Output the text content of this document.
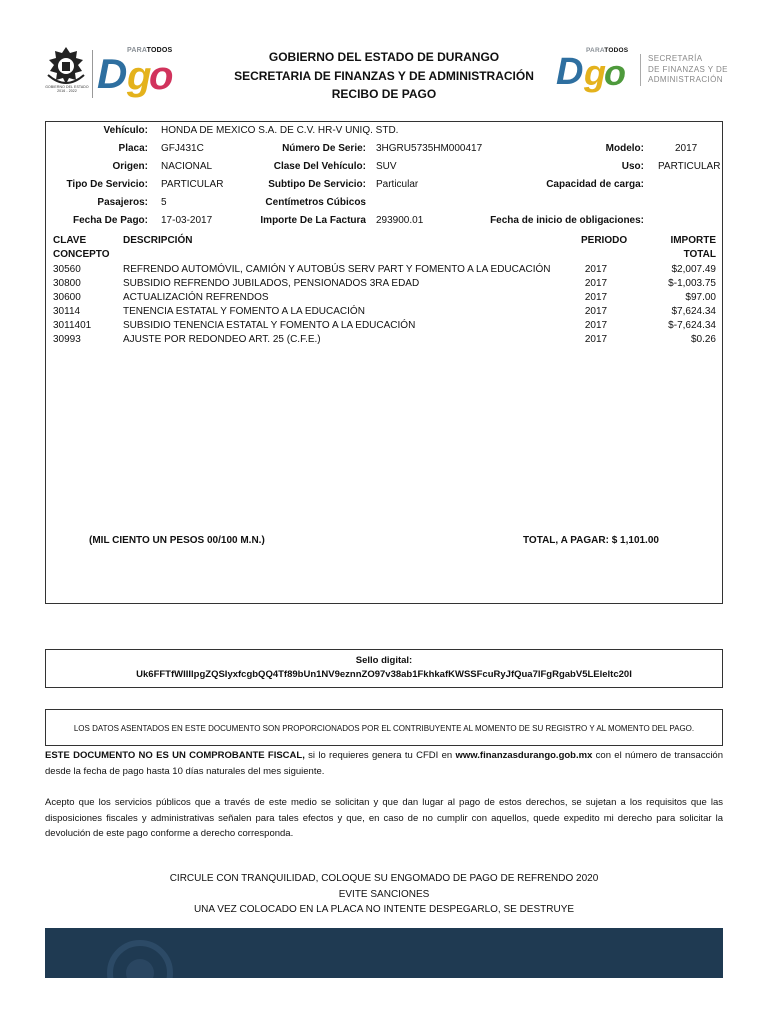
GOBIERNO DEL ESTADO
2016 - 2022
PARATODOS
D g
o	GOBIERNO DEL ESTADO DE DURANGO
SECRETARIA DE FINANZAS Y DE ADMINISTRACIÓN
RECIBO DE PAGO
PARATODOS
D g
o	SECRETARÍA
DE FINANZAS Y DE
ADMINISTRACIÓN
Vehículo: HONDA DE MEXICO S.A. DE C.V. HR-V UNIQ. STD.
Placa: GFJ431C	Número De Serie: 3HGRU5735HM000417	Modelo:	2017
Origen: NACIONAL	Clase Del Vehículo: SUV	Uso: PARTICULAR
Tipo De Servicio: PARTICULAR	Subtipo De Servicio: Particular	Capacidad de carga:
Pasajeros: 5	Centímetros Cúbicos
Fecha De Pago: 17-03-2017	Importe De La Factura 293900.01	Fecha de inicio de obligaciones:
CLAVE
CONCEPTO
DESCRIPCIÓN	PERIODO	IMPORTE
TOTAL
30560	REFRENDO AUTOMÓVIL, CAMIÓN Y AUTOBÚS SERV PART Y FOMENTO A LA EDUCACIÓN	2017	$2,007.49
30800	SUBSIDIO REFRENDO JUBILADOS, PENSIONADOS 3RA EDAD	2017	$-1,003.75
30600	ACTUALIZACIÓN REFRENDOS	2017	$97.00
30114	TENENCIA ESTATAL Y FOMENTO A LA EDUCACIÓN	2017	$7,624.34
3011401	SUBSIDIO TENENCIA ESTATAL Y FOMENTO A LA EDUCACIÓN	2017	$-7,624.34
30993	AJUSTE POR REDONDEO ART. 25 (C.F.E.)	2017	$0.26
(MIL CIENTO UN PESOS 00/100 M.N.)	TOTAL, A PAGAR: $ 1,101.00
Sello digital:
Uk6FFTfWIIIlpgZQSIyxfcgbQQ4Tf89bUn1NV9eznnZO97v38ab1FkhkafKWSSFcuRyJfQua7lFgRgabV5LEleltc20I
LOS DATOS ASENTADOS EN ESTE DOCUMENTO SON PROPORCIONADOS POR EL CONTRIBUYENTE AL MOMENTO DE SU REGISTRO Y AL MOMENTO DEL PAGO.
ESTE DOCUMENTO NO ES UN COMPROBANTE FISCAL, si lo requieres genera tu CFDI en www.finanzasdurango.gob.mx con el número de transacción desde la fecha de pago hasta 10 días naturales del mes siguiente.
Acepto que los servicios públicos que a través de este medio se solicitan y que dan lugar al pago de estos derechos, se sujetan a los requisitos que las disposiciones fiscales y administrativas señalen para tales efectos y que, en caso de no cumplir con aquellos, quede expedito mi derecho para solicitar la devolución de este pago conforme a derecho corresponda.
CIRCULE CON TRANQUILIDAD, COLOQUE SU ENGOMADO DE PAGO DE REFRENDO 2020
EVITE SANCIONES
UNA VEZ COLOCADO EN LA PLACA NO INTENTE DESPEGARLO, SE DESTRUYE
